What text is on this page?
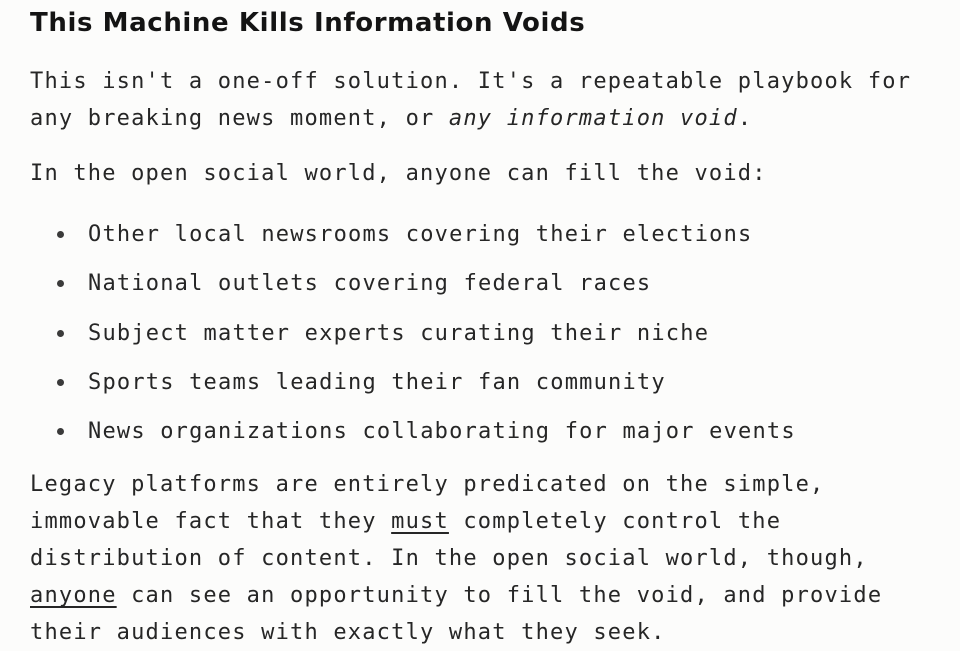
This Machine Kills Information Voids

This isn't a one-off solution. It's a repeatable playbook for any breaking news moment, or any information void.

In the open social world, anyone can fill the void:

Other local newsrooms covering their elections
National outlets covering federal races
Subject matter experts curating their niche
Sports teams leading their fan community
News organizations collaborating for major events

Legacy platforms are entirely predicated on the simple, immovable fact that they must completely control the distribution of content. In the open social world, though, anyone can see an opportunity to fill the void, and provide their audiences with exactly what they seek.
